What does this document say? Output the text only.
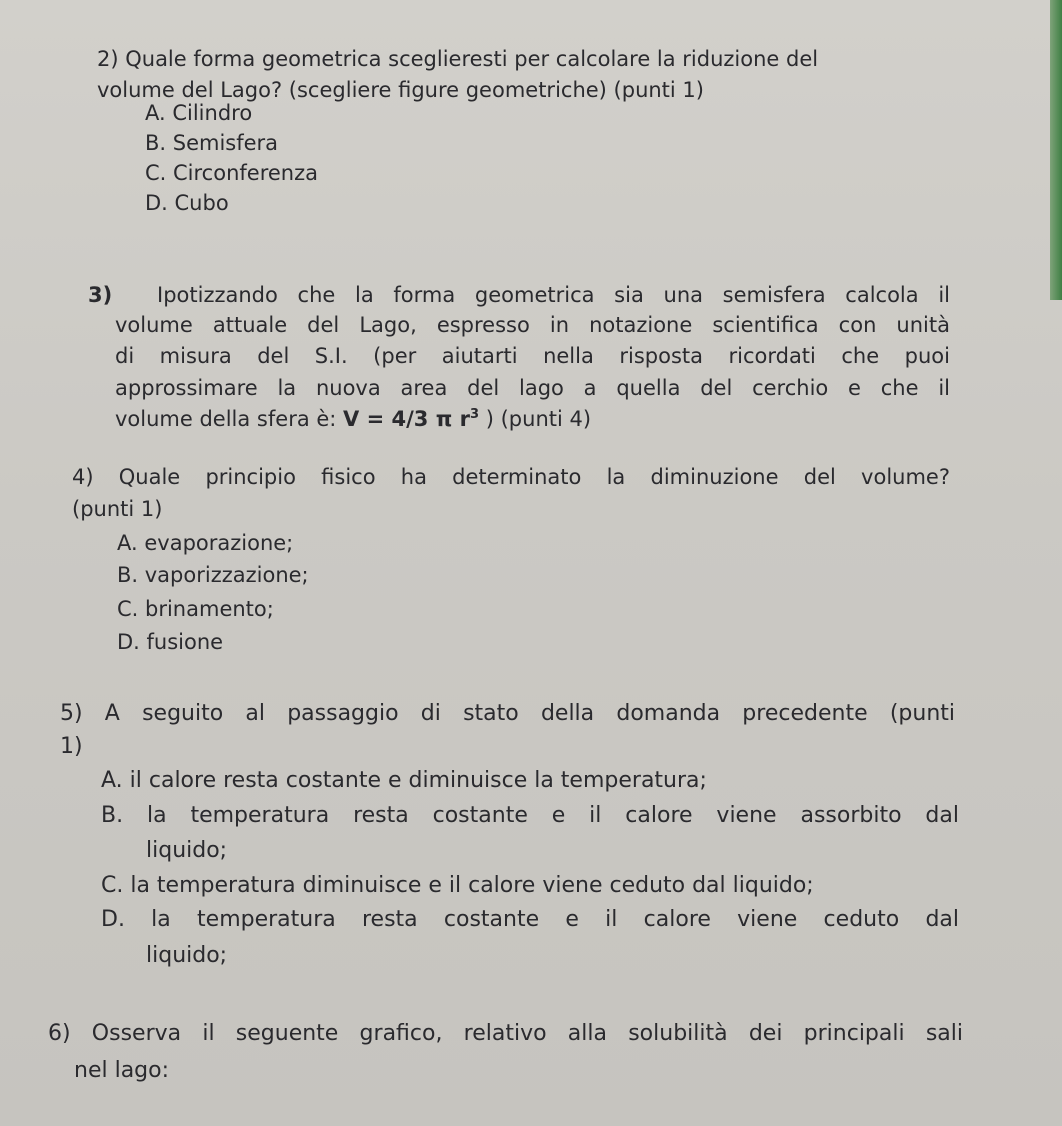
2) Quale forma geometrica sceglieresti per calcolare la riduzione del
volume del Lago? (scegliere figure geometriche) (punti 1)
A. Cilindro
B. Semisfera
C. Circonferenza
D. Cubo
3) Ipotizzando che la forma geometrica sia una semisfera calcola il
volume attuale del Lago, espresso in notazione scientifica con unità
di misura del S.I. (per aiutarti nella risposta ricordati che puoi
approssimare la nuova area del lago a quella del cerchio e che il
volume della sfera è: V = 4/3 π $r^3$ ) (punti 4)
4) Quale principio fisico ha determinato la diminuzione del volume?
(punti 1)
A. evaporazione;
B. vaporizzazione;
C. brinamento;
D. fusione
5) A seguito al passaggio di stato della domanda precedente (punti
1)
A. il calore resta costante e diminuisce la temperatura;
B. la temperatura resta costante e il calore viene assorbito dal
liquido;
C. la temperatura diminuisce e il calore viene ceduto dal liquido;
D. la temperatura resta costante e il calore viene ceduto dal
liquido;
6) Osserva il seguente grafico, relativo alla solubilità dei principali sali
nel lago:
